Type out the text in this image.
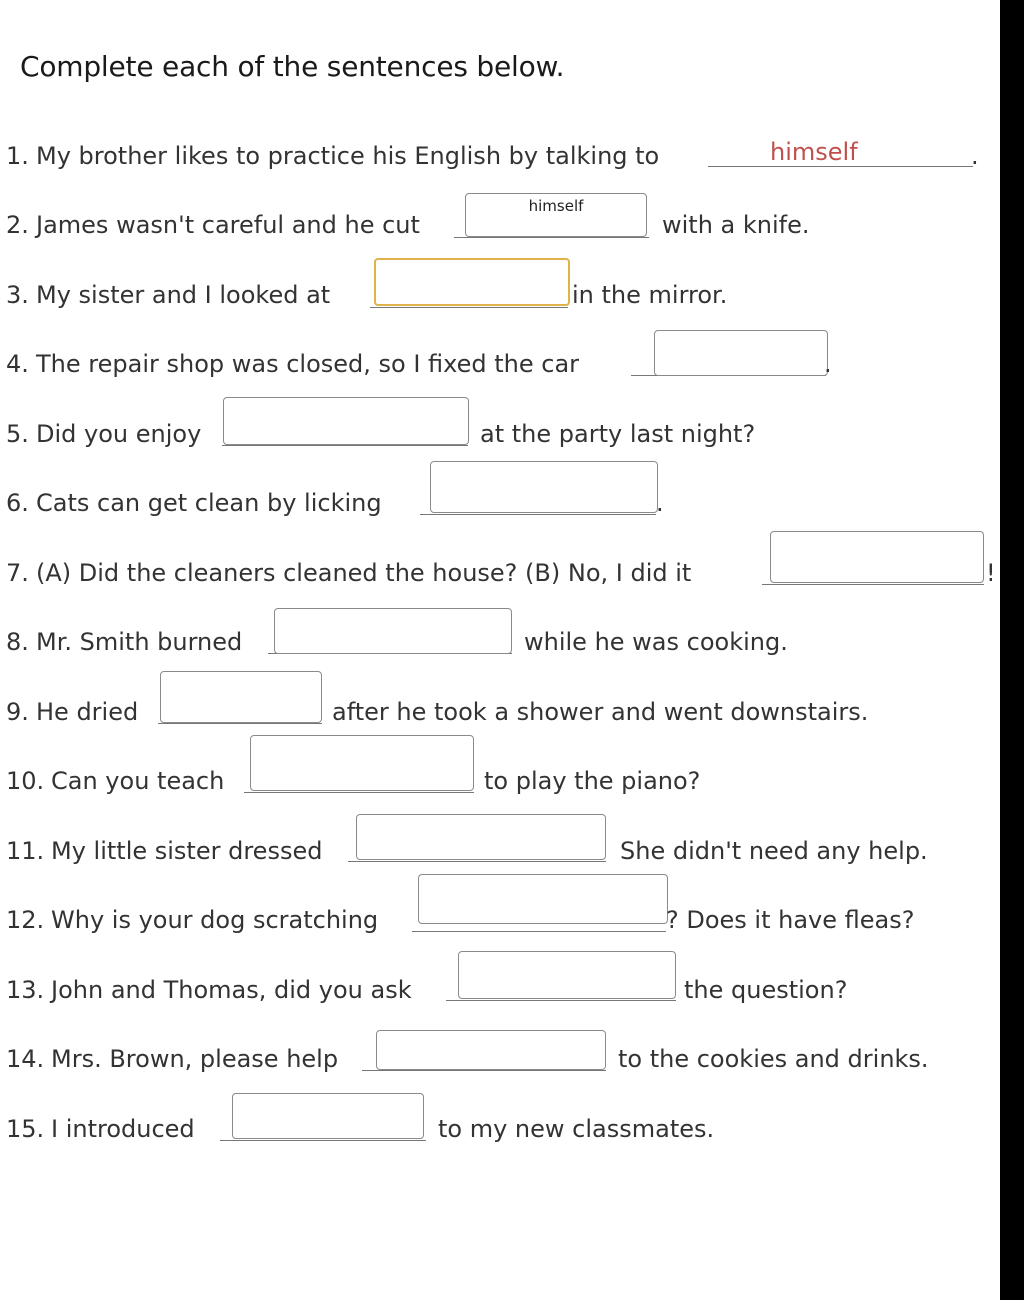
Complete each of the sentences below.
1. My brother likes to practice his English by talking to	himself	.
2. James wasn't careful and he cut
himself
with a knife.
3. My sister and I looked at	in the mirror.
4. The repair shop was closed, so I fixed the car	.
5. Did you enjoy	at the party last night?
6. Cats can get clean by licking	.
7. (A) Did the cleaners cleaned the house? (B) No, I did it	!
8. Mr. Smith burned	while he was cooking.
9. He dried	after he took a shower and went downstairs.
10. Can you teach	to play the piano?
11. My little sister dressed	She didn't need any help.
12. Why is your dog scratching	? Does it have fleas?
13. John and Thomas, did you ask	the question?
14. Mrs. Brown, please help	to the cookies and drinks.
15. I introduced	to my new classmates.
